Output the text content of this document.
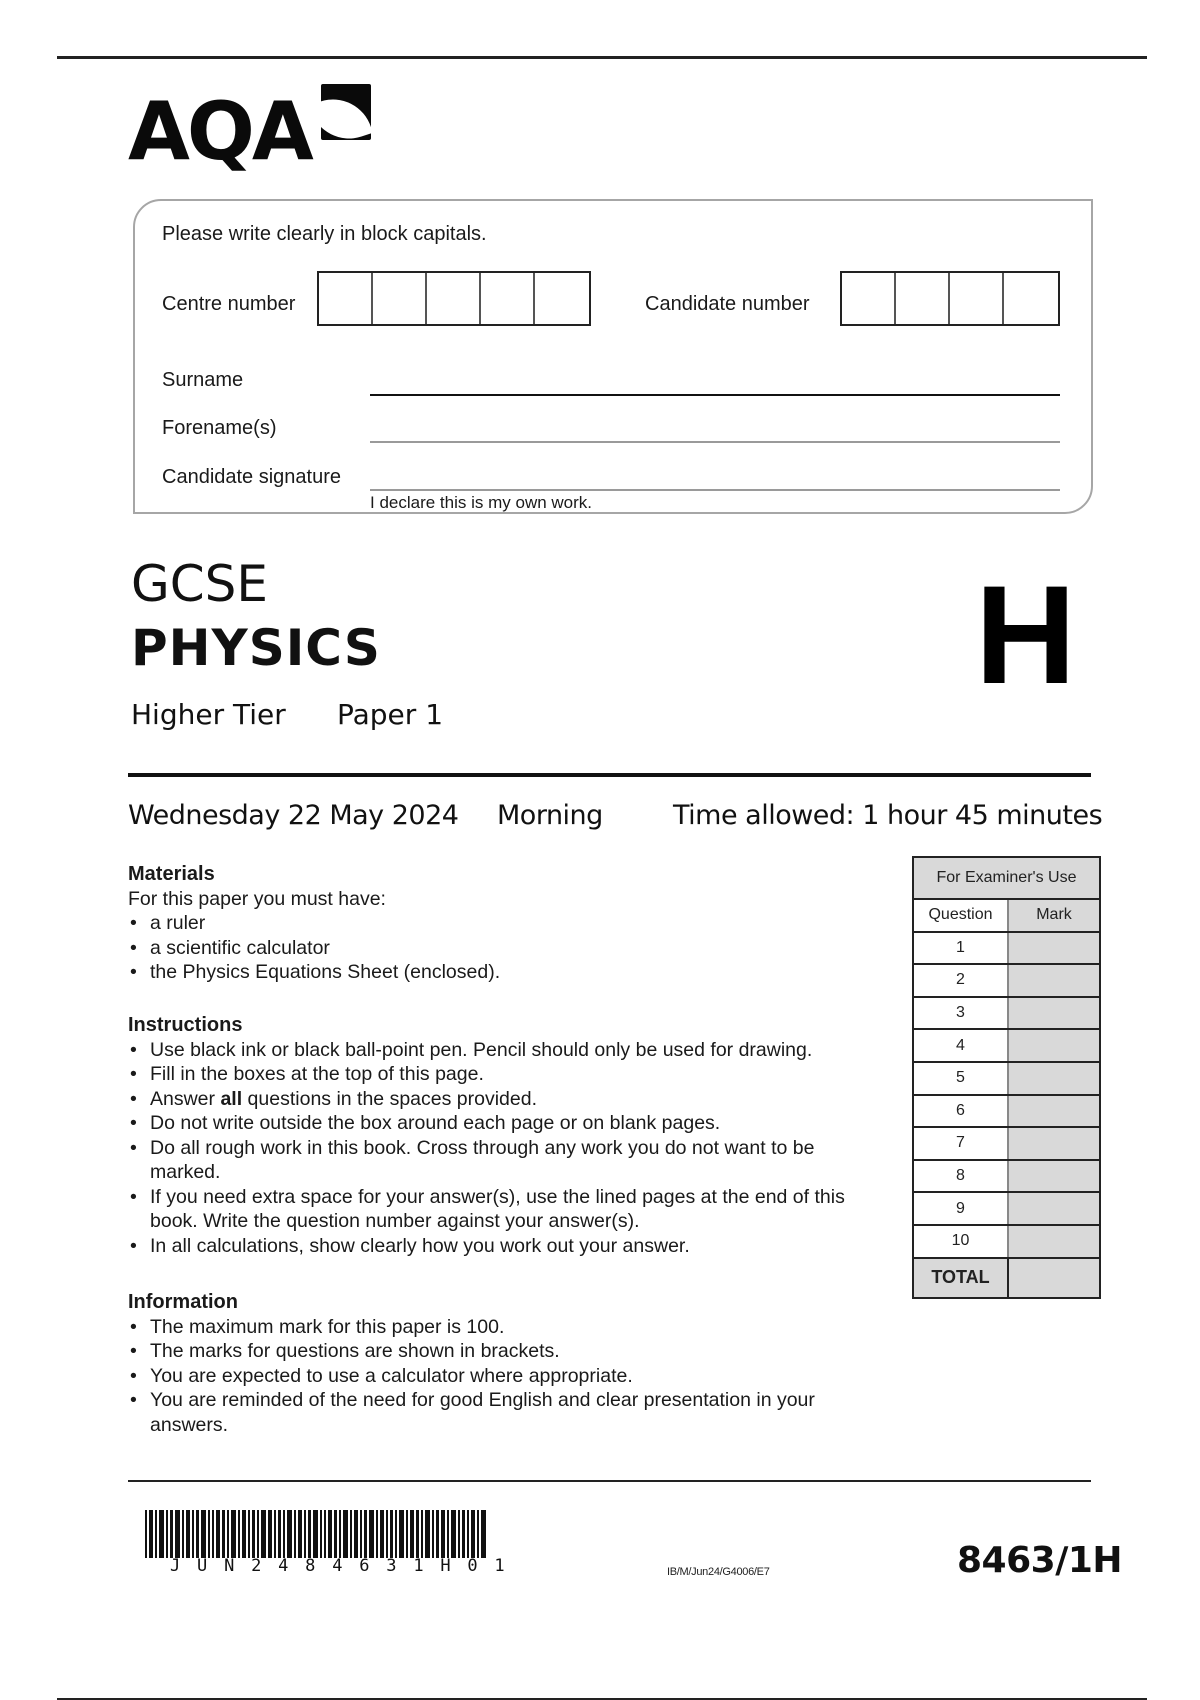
AQA
Please write clearly in block capitals.
Centre number	Candidate number
Surname
Forename(s)
Candidate signature
I declare this is my own work.
GCSE
PHYSICS
Higher Tier Paper 1
H
Wednesday 22 May 2024 Morning	Time allowed: 1 hour 45 minutes
Materials
For this paper you must have:
• a ruler
• a scientific calculator
• the Physics Equations Sheet (enclosed).
Instructions
• Use black ink or black ball-point pen. Pencil should only be used for drawing.
• Fill in the boxes at the top of this page.
• Answer all questions in the spaces provided.
• Do not write outside the box around each page or on blank pages.
• Do all rough work in this book. Cross through any work you do not want to be marked.
• If you need extra space for your answer(s), use the lined pages at the end of this book. Write the question number against your answer(s).
• In all calculations, show clearly how you work out your answer.
Information
• The maximum mark for this paper is 100.
• The marks for questions are shown in brackets.
• You are expected to use a calculator where appropriate.
• You are reminded of the need for good English and clear presentation in your answers.
For Examiner's Use	
Question	Mark
1	
2	
3	
4	
5	
6	
7	
8	
9	
10	
TOTAL	
JUN2484631H01	IB/M/Jun24/G4006/E7	8463/1H
